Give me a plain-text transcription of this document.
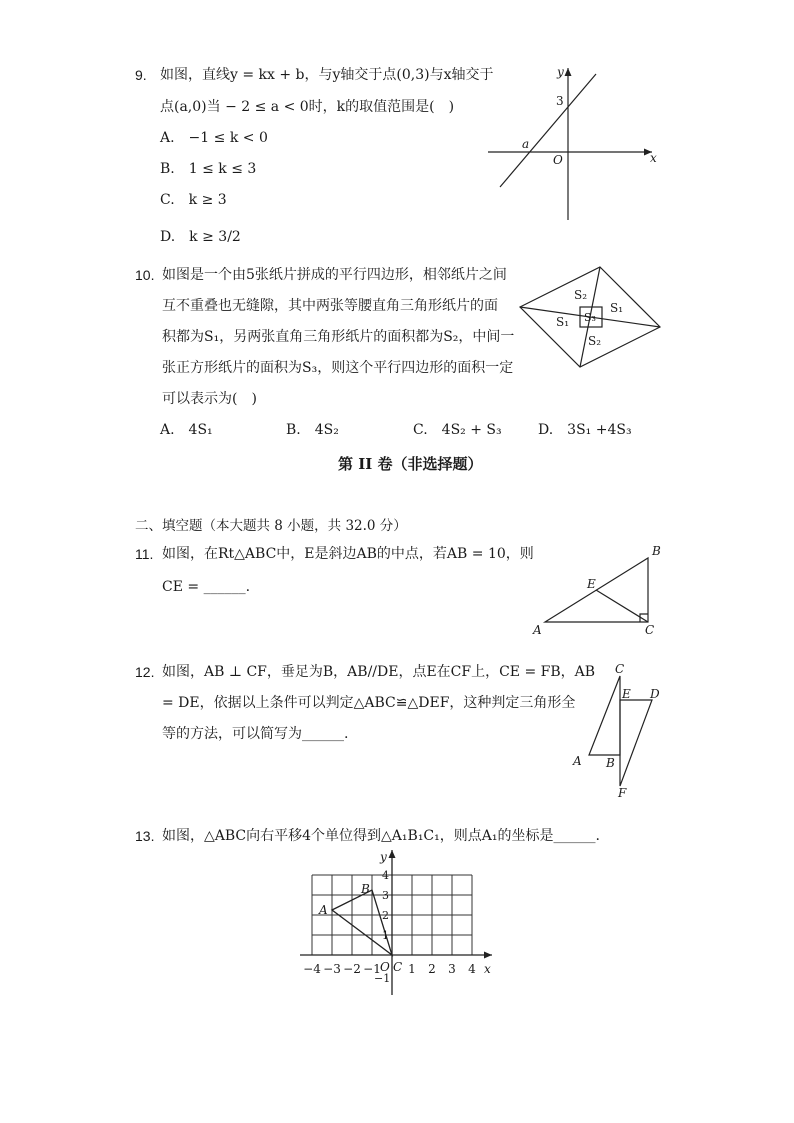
9. 如图，直线y = kx + b，与y轴交于点(0,3)与x轴交于
点(a,0)当 − 2 ≤ a < 0时，k的取值范围是(　)
A.　−1 ≤ k < 0
B.　1 ≤ k ≤ 3
C.　k ≥ 3
D.　k ≥ 3/2
y
x
O
3
a
10. 如图是一个由5张纸片拼成的平行四边形，相邻纸片之间
互不重叠也无缝隙，其中两张等腰直角三角形纸片的面
积都为S₁，另两张直角三角形纸片的面积都为S₂，中间一
张正方形纸片的面积为S₃，则这个平行四边形的面积一定
可以表示为(　)
A.　4S₁	B.　4S₂	C.　4S₂ + S₃	D.　3S₁ +4S₃
S₂
S₁
S₁ S₃
S₂
第 II 卷（非选择题）
二、填空题（本大题共 8 小题，共 32.0 分）
11. 如图，在Rt△ABC中，E是斜边AB的中点，若AB = 10，则
CE = ______.
A
B
C
E
12. 如图，AB ⊥ CF，垂足为B，AB//DE，点E在CF上，CE = FB，AB
= DE，依据以上条件可以判定△ABC≌△DEF，这种判定三角形全
等的方法，可以简写为______.
C
E D
A B
F
13. 如图，△ABC向右平移4个单位得到△A₁B₁C₁，则点A₁的坐标是______.
y
x
O C
A
B
−1
−4 −3 −2 −1 1 2 3 4
1
2
3
4
